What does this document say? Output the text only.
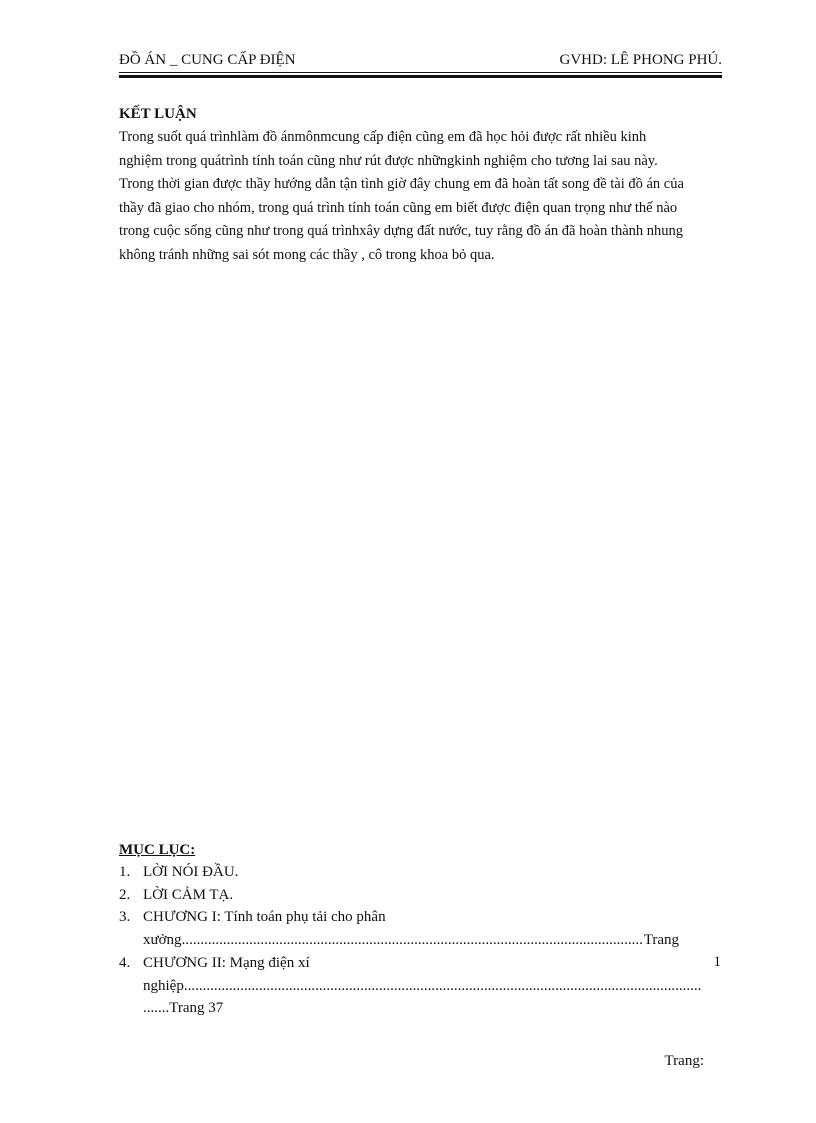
ĐỒ ÁN _ CUNG CẤP ĐIỆN	GVHD: LÊ PHONG PHÚ.
KẾT LUẬN
Trong suốt quá trìnhlàm đồ ánmônmcung cấp điện cũng em đã học hỏi được rất nhiều kinh
nghiệm trong quátrình tính toán cũng như rút được nhữngkinh nghiệm cho tương lai sau này.
Trong thời gian được thầy hướng dẫn tận tình giờ đây chung em đã hoàn tất song đề tài đồ án của
thầy đã giao cho nhóm, trong quá trình tính toán cũng em biết được điện quan trọng như thế nào
trong cuộc sống cũng như trong quá trìnhxây dựng đất nước, tuy rằng đồ án đã hoàn thành nhung
không tránh những sai sót mong các thầy , cô trong khoa bỏ qua.
MỤC LỤC:
1. LỜI NÓI ĐẦU.
2. LỜI CẢM TẠ.
3. CHƯƠNG I: Tính toán phụ tải cho phân
xưởng
.....	Trang
1
4. CHƯƠNG II: Mạng điện xí
nghiệp
.....
.......Trang 37
Trang:
